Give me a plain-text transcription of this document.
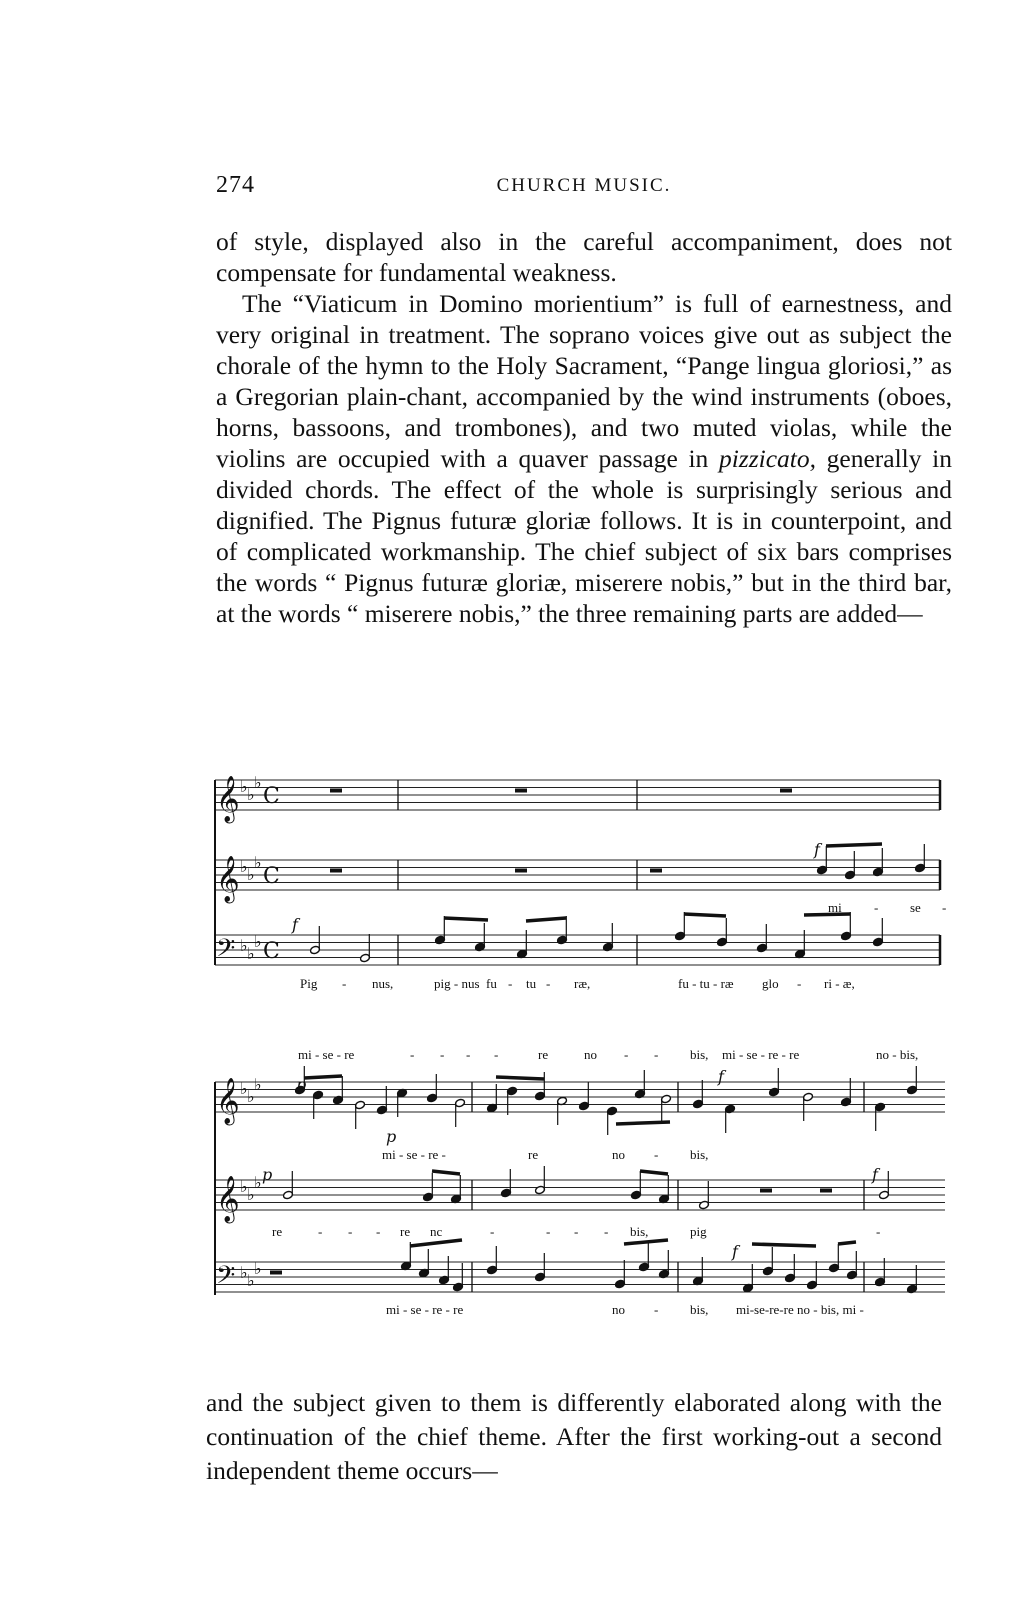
274	CHURCH MUSIC.

of style, displayed also in the careful accompaniment, does not compensate for fundamental weakness.

The “Viaticum in Domino morientium” is full of earnestness, and very original in treatment. The soprano voices give out as subject the chorale of the hymn to the Holy Sacrament, “Pange lingua gloriosi,” as a Gregorian plain-chant, accompanied by the wind instruments (oboes, horns, bassoons, and trombones), and two muted violas, while the violins are occupied with a quaver passage in pizzicato, generally in divided chords. The effect of the whole is surprisingly serious and dignified. The Pignus futuræ gloriæ follows. It is in counterpoint, and of complicated workmanship. The chief subject of six bars comprises the words “ Pignus futuræ gloriæ, miserere nobis,” but in the third bar, at the words “ miserere nobis,” the three remaining parts are added—

𝄞 ♭ ♭
♭
C
𝄞 ♭ ♭
♭
C
𝄢 ♭ ♭
♭ C
f
f
mi - se -
Pig - nus,	pig - nus fu - tu - ræ,	fu - tu - ræ glo - ri - æ,
𝄞 ♭ ♭
♭
𝄞 ♭ ♭
♭
𝄢 ♭ ♭
♭
p
p
f
p	f
f
mi - se - re	- - - -	re	no - - bis, mi - se - re - re	no - bis,
mi - se - re -	re	no - bis,
re	- - - re nc	-	- - - bis,	pig	-
mi - se - re - re	no - bis, mi-se-re-re no - bis, mi -

and the subject given to them is differently elaborated along with the continuation of the chief theme. After the first working-out a second independent theme occurs—
